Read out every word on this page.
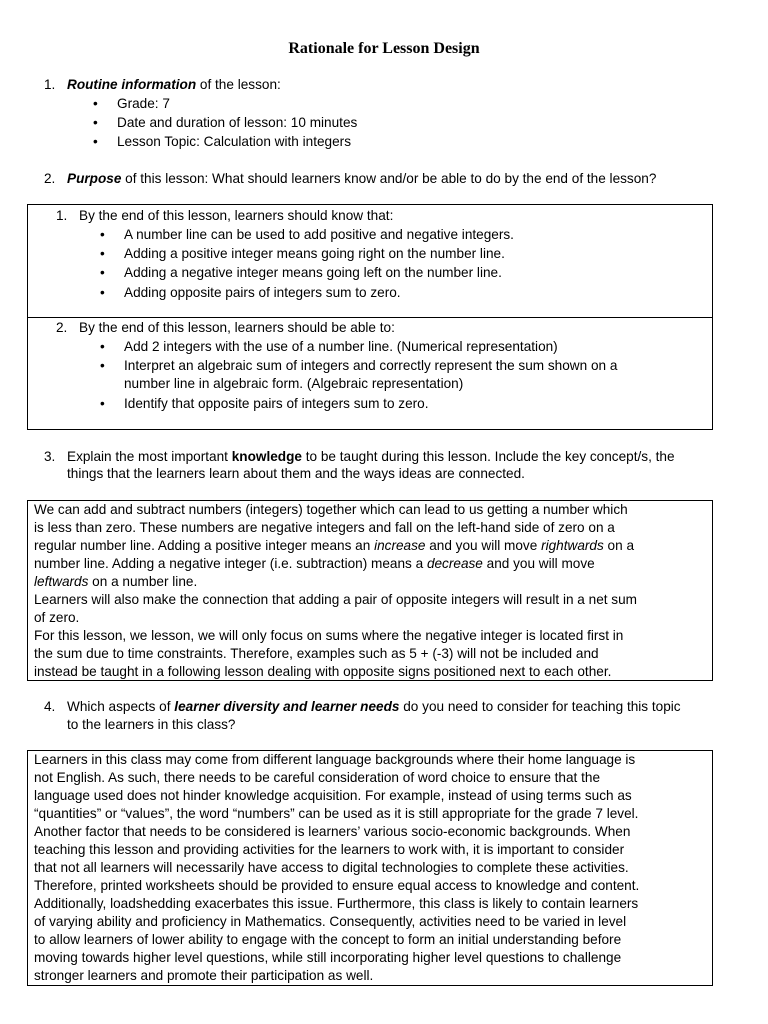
Rationale for Lesson Design
1. Routine information of the lesson:
• Grade: 7
• Date and duration of lesson: 10 minutes
• Lesson Topic: Calculation with integers
2. Purpose of this lesson: What should learners know and/or be able to do by the end of the lesson?
1. By the end of this lesson, learners should know that:
• A number line can be used to add positive and negative integers.
• Adding a positive integer means going right on the number line.
• Adding a negative integer means going left on the number line.
• Adding opposite pairs of integers sum to zero.
2. By the end of this lesson, learners should be able to:
• Add 2 integers with the use of a number line. (Numerical representation)
• Interpret an algebraic sum of integers and correctly represent the sum shown on a
number line in algebraic form. (Algebraic representation)
• Identify that opposite pairs of integers sum to zero.
3. Explain the most important knowledge to be taught during this lesson. Include the key concept/s, the
things that the learners learn about them and the ways ideas are connected.
We can add and subtract numbers (integers) together which can lead to us getting a number which
is less than zero. These numbers are negative integers and fall on the left-hand side of zero on a
regular number line. Adding a positive integer means an increase and you will move rightwards on a
number line. Adding a negative integer (i.e. subtraction) means a decrease and you will move
leftwards on a number line.
Learners will also make the connection that adding a pair of opposite integers will result in a net sum
of zero.
For this lesson, we lesson, we will only focus on sums where the negative integer is located first in
the sum due to time constraints. Therefore, examples such as 5 + (-3) will not be included and
instead be taught in a following lesson dealing with opposite signs positioned next to each other.
4. Which aspects of learner diversity and learner needs do you need to consider for teaching this topic
to the learners in this class?
Learners in this class may come from different language backgrounds where their home language is
not English. As such, there needs to be careful consideration of word choice to ensure that the
language used does not hinder knowledge acquisition. For example, instead of using terms such as
“quantities” or “values”, the word “numbers” can be used as it is still appropriate for the grade 7 level.
Another factor that needs to be considered is learners’ various socio-economic backgrounds. When
teaching this lesson and providing activities for the learners to work with, it is important to consider
that not all learners will necessarily have access to digital technologies to complete these activities.
Therefore, printed worksheets should be provided to ensure equal access to knowledge and content.
Additionally, loadshedding exacerbates this issue. Furthermore, this class is likely to contain learners
of varying ability and proficiency in Mathematics. Consequently, activities need to be varied in level
to allow learners of lower ability to engage with the concept to form an initial understanding before
moving towards higher level questions, while still incorporating higher level questions to challenge
stronger learners and promote their participation as well.
